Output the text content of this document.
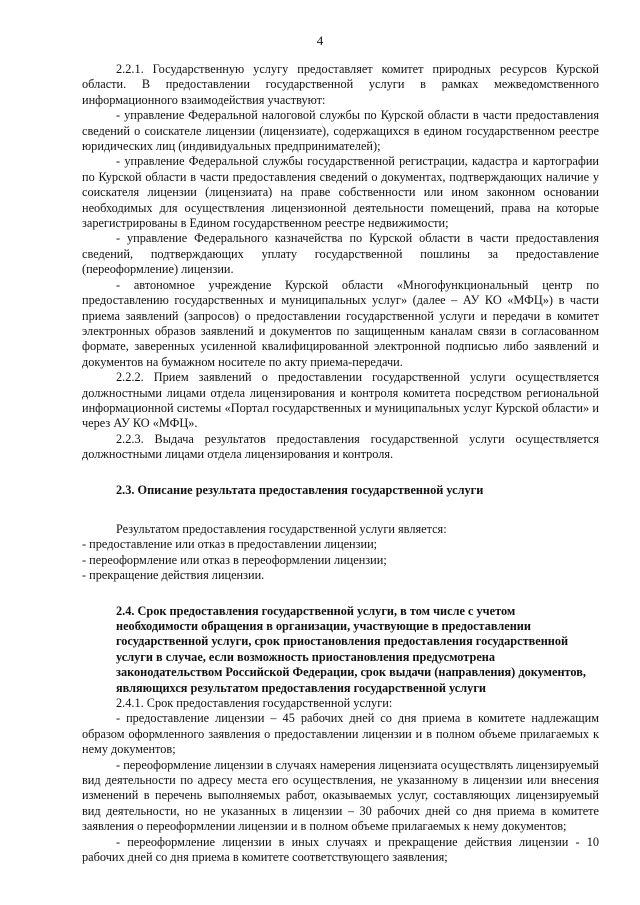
4

2.2.1. Государственную услугу предоставляет комитет природных ресурсов Курской области. В предоставлении государственной услуги в рамках межведомственного информационного взаимодействия участвуют:

- управление Федеральной налоговой службы по Курской области в части предоставления сведений о соискателе лицензии (лицензиате), содержащихся в едином государственном реестре юридических лиц (индивидуальных предпринимателей);

- управление Федеральной службы государственной регистрации, кадастра и картографии по Курской области в части предоставления сведений о документах, подтверждающих наличие у соискателя лицензии (лицензиата) на праве собственности или ином законном основании необходимых для осуществления лицензионной деятельности помещений, права на которые зарегистрированы в Едином государственном реестре недвижимости;

- управление Федерального казначейства по Курской области в части предоставления сведений, подтверждающих уплату государственной пошлины за предоставление (переоформление) лицензии.

- автономное учреждение Курской области «Многофункциональный центр по предоставлению государственных и муниципальных услуг» (далее – АУ КО «МФЦ») в части приема заявлений (запросов) о предоставлении государственной услуги и передачи в комитет электронных образов заявлений и документов по защищенным каналам связи в согласованном формате, заверенных усиленной квалифицированной электронной подписью либо заявлений и документов на бумажном носителе по акту приема-передачи.

2.2.2. Прием заявлений о предоставлении государственной услуги осуществляется должностными лицами отдела лицензирования и контроля комитета посредством региональной информационной системы «Портал государственных и муниципальных услуг Курской области» и через АУ КО «МФЦ».

2.2.3. Выдача результатов предоставления государственной услуги осуществляется должностными лицами отдела лицензирования и контроля.

2.3. Описание результата предоставления государственной услуги

Результатом предоставления государственной услуги является:

- предоставление или отказ в предоставлении лицензии;

- переоформление или отказ в переоформлении лицензии;

- прекращение действия лицензии.

2.4. Срок предоставления государственной услуги, в том числе с учетом необходимости обращения в организации, участвующие в предоставлении государственной услуги, срок приостановления предоставления государственной услуги в случае, если возможность приостановления предусмотрена законодательством Российской Федерации, срок выдачи (направления) документов, являющихся результатом предоставления государственной услуги

2.4.1. Срок предоставления государственной услуги:

- предоставление лицензии – 45 рабочих дней со дня приема в комитете надлежащим образом оформленного заявления о предоставлении лицензии и в полном объеме прилагаемых к нему документов;

- переоформление лицензии в случаях намерения лицензиата осуществлять лицензируемый вид деятельности по адресу места его осуществления, не указанному в лицензии или внесения изменений в перечень выполняемых работ, оказываемых услуг, составляющих лицензируемый вид деятельности, но не указанных в лицензии – 30 рабочих дней со дня приема в комитете заявления о переоформлении лицензии и в полном объеме прилагаемых к нему документов;

- переоформление лицензии в иных случаях и прекращение действия лицензии - 10 рабочих дней со дня приема в комитете соответствующего заявления;
